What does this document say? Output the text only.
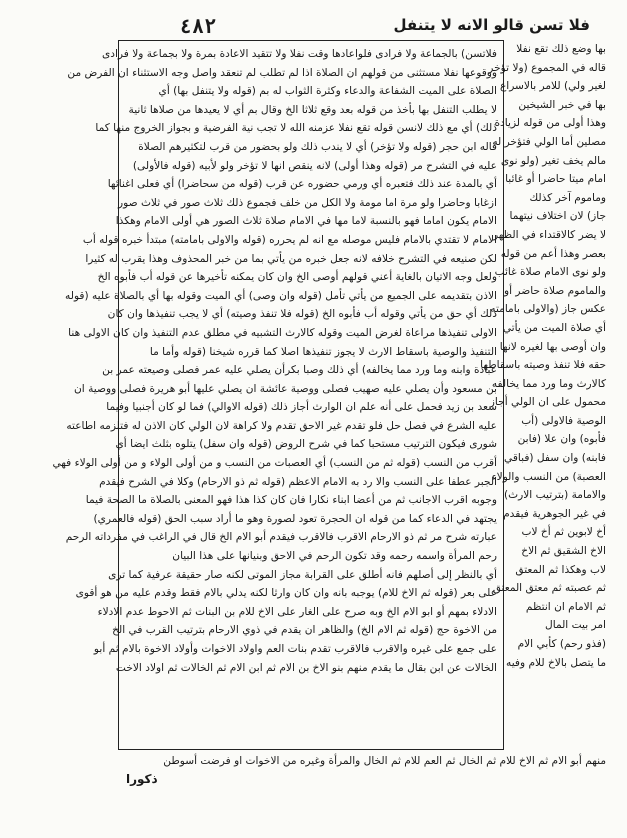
فلا تسن قالو الانه لا يتنفل
٤٨٢
فلاتسن) بالجماعة ولا فرادى فلواعادها وقت نفلا ولا تتقيد الاعادة بمرة ولا بجماعة ولا فرادى
ووقوعها نفلا مستثنى من قولهم ان الصلاة اذا لم تطلب لم تنعقد واصل وجه الاستثناء ان الفرض من
الصلاة على الميت الشفاعة والدعاء وكثرة الثواب له بم (قوله ولا يتنفل بها) أي
لا يطلب التنفل بها بأخذ من قوله بعد وقع ثلاثا الخ وقال بم أي لا يعيدها من صلاها ثانية
ذلك) أي مع ذلك لانسن قوله تقع نفلا عزمنه الله لا تجب نية الفرضية و بجواز الخروج منها كما
قاله ابن حجر (قوله ولا تؤخر) أي لا يندب ذلك ولو بحضور من قرب لتكثيرهم الصلاة
عليه في التشرح مر (قوله وهذا أولى) لانه ينقص انها لا تؤخر ولو لأبيه (قوله فالأولى)
أي بالمدة عند ذلك فتعبره أي ورمي حضوره عن قرب (قوله من سحاضرا) أي فعلى اغنائها
ازغابا وحاضرا ولو مرة اما مومة ولا الكل من خلف فجموع ذلك ثلاث صور في ثلاث صور
الامام يكون اماما فهو بالنسبة لاما مها في الامام صلاة ثلاث الصور هي أولى الامام وهكذا
الامام لا تقتدي بالامام فليس موصله مع انه لم يحرره (قوله والاولى بامامته) مبتدأ خبره قوله أب
لكن صنيعه في التشرح خلافه لانه جعل خبره من يأتي بما من خبر المحذوف وهذا يقرب له كثيرا
ولعل وجه الاتيان بالغاية أعني قولهم أوصى الخ وان كان يمكنه تأخيرها عن قوله أب فأبوه الخ
الاذن بتقديمه على الجميع من يأتي تأمل (قوله وان وصى) أي الميت وقوله بها أي بالصلاة عليه (قوله
ذلك أي حق من يأتي وقوله أب فأبوه الخ (قوله فلا تنفذ وصيته) أي لا يجب تنفيذها وان كان
الاولى تنفيذها مراعاة لغرض الميت وقوله كالارث التشبيه في مطلق عدم التنفيذ وان كان الاولى هنا
التنفيذ والوصية باسقاط الارث لا يجوز تنفيذها اصلا كما قرره شيخنا (قوله وأما ما
عبادة وابنه وما ورد مما يخالفه) أي ذلك وصبا بكرأن يصلي عليه عمر فصلى وصيعته عمر بن
بن مسعود وأن يصلي عليه صهيب فصلى ووصية عائشة ان يصلي عليها أبو هريرة فصلى ووصية ان
سعد بن زيد فحمل على أنه علم ان الوارث أجاز ذلك (قوله الاوالي) فما لو كان أجنبيا وفيما
عليه الشرع في فصل حل فلو تقدم غير الاحق تقدم ولا كراهة لان الولي كان الاذن له فتلزمه اطاعته
شورى فيكون الترتيب مستحبا كما في شرح الروض (قوله وان سفل) يتلوه بثلث ايضا أي
أقرب من النسب (قوله ثم من النسب) أي العصبات من النسب و من أولى الولاء و من أولى الولاء فهي
الجبر عطفا على النسب والا رد به الامام الاعظم (قوله ثم ذو الارحام) وكلا في الشرح فيقدم
وجوبه اقرب الاجانب ثم من أعضا ابناء نكارا فان كان كذا هذا فهو المعنى بالصلاة ما الصحة فيما
يجتهد في الدعاء كما من قوله ان الحجرة تعود لصورة وهو ما أراد سبب الحق (قوله فالعمري)
عبارته شرح مر ثم ذو الارحام الاقرب فالاقرب فيقدم أبو الام الخ قال في الراغب في مفرداته الرحم
رحم المرأة واسمه رحمه وقد تكون الرحم في الاحق وبنيانها على هذا البيان
أي بالنظر إلى أصلهم فانه أطلق على القرابة مجاز الموتى لكنه صار حقيقة عرفية كما ترى
على بعر (قوله ثم الاخ للام) يوجبه بانه وان كان وارثا لكنه يدلي بالام فقط وقدم عليه من هو أقوى
الادلاء بمهم أو ابو الام الخ وبه صرح على الغار على الاخ للام بن البنات ثم الاحوط عدم الادلاء
من الاخوة حج (قوله ثم الام الخ) والظاهر ان يقدم في ذوي الارحام بترتيب القرب في الخ
على جمع على غيره والاقرب فالاقرب تقدم بنات العم واولاد الاخوات وأولاد الاخوة بالام ثم أبو
الخالات عن ابن بقال ما يقدم منهم بنو الاخ بن الام ثم ابن الام ثم الخالات ثم اولاد الاخت
بها وضع ذلك تقع نفلا
قاله في المجموع (ولا تؤخر
لغير ولي) للامر بالاسراع
بها في خبر الشيخين
وهذا أولى من قوله لزيادة
مصلين أما الولي فتؤخر له
مالم يخف تغير (ولو نوى
امام ميتا حاضرا أو غائبا
وماموم آخر كذلك
جاز) لان اختلاف نيتهما
لا يضر كالاقتداء في الظهر
بعصر وهذا أعم من قوله
ولو نوى الامام صلاة غائب
والماموم صلاة حاضر أو
عكس جاز (والاولى بامامته
أي صلاة الميت من يأتي
وان أوصى بها لغيره لانها
حقه فلا تنفذ وصيته باسقاطها
كالارث وما ورد مما يخالفه
محمول على ان الولي أجاز
الوصية فالاولى (أب
فأبوه) وان علا (فابن
فابنه) وان سفل (فباقي
العصبة) من النسب والولاء
والامامة (بترتيب الارث)
في غير الجوهرية فيقدم
أخ لابوين ثم أخ لاب
الاخ الشقيق ثم الاخ
لاب وهكذا ثم المعتق
ثم عصبته ثم معتق المعتق
ثم الامام ان انتظم
امر بيت المال
(فذو رحم) كأبي الام
ما يتصل بالاخ للام وفيه
منهم أبو الام ثم الاخ للام ثم الخال ثم العم للام ثم الخال والمرأة وغيره من الاخوات او فرضت أسوطن
ذكورا
